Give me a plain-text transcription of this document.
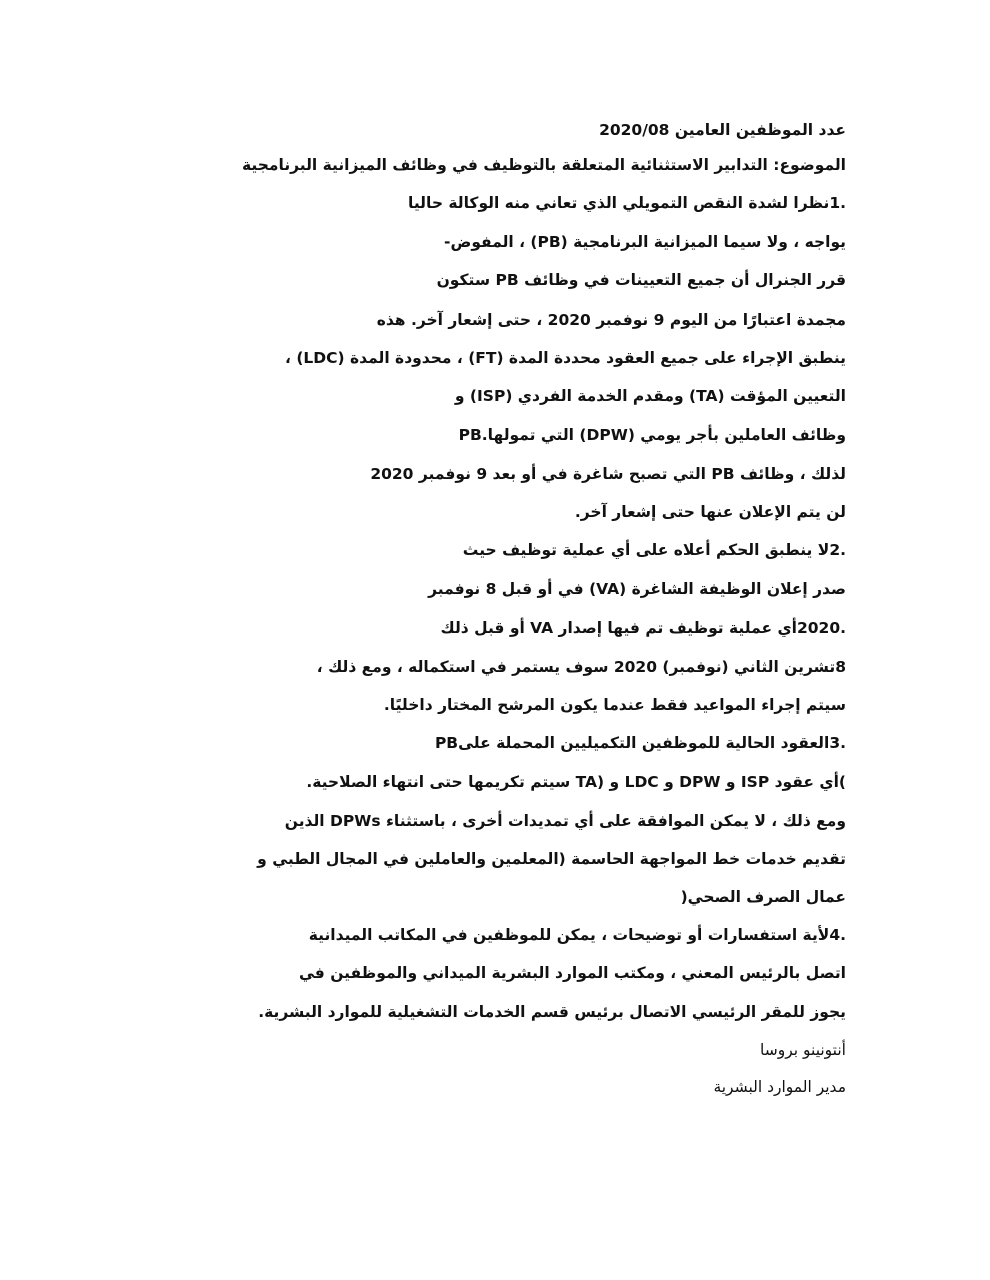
عدد الموظفين العامين 2020/08
الموضوع: التدابير الاستثنائية المتعلقة بالتوظيف في وظائف الميزانية البرنامجية
.1نظرا لشدة النقص التمويلي الذي تعاني منه الوكالة حاليا
يواجه ، ولا سيما الميزانية البرنامجية (PB) ، المفوض-
قرر الجنرال أن جميع التعيينات في وظائف PB ستكون
مجمدة اعتبارًا من اليوم 9 نوفمبر 2020 ، حتى إشعار آخر. هذه
ينطبق الإجراء على جميع العقود محددة المدة (FT) ، محدودة المدة (LDC) ،
التعيين المؤقت (TA) ومقدم الخدمة الفردي (ISP) و
وظائف العاملين بأجر يومي (DPW) التي تمولها.PB
لذلك ، وظائف PB التي تصبح شاغرة في أو بعد 9 نوفمبر 2020
لن يتم الإعلان عنها حتى إشعار آخر.
.2لا ينطبق الحكم أعلاه على أي عملية توظيف حيث
صدر إعلان الوظيفة الشاغرة (VA) في أو قبل 8 نوفمبر
.2020أي عملية توظيف تم فيها إصدار VA أو قبل ذلك
8تشرين الثاني (نوفمبر) 2020 سوف يستمر في استكماله ، ومع ذلك ،
سيتم إجراء المواعيد فقط عندما يكون المرشح المختار داخليًا.
.3العقود الحالية للموظفين التكميليين المحملة علىPB
)أي عقود ISP و DPW و LDC و (TA سيتم تكريمها حتى انتهاء الصلاحية.
ومع ذلك ، لا يمكن الموافقة على أي تمديدات أخرى ، باستثناء DPWs الذين
تقديم خدمات خط المواجهة الحاسمة (المعلمين والعاملين في المجال الطبي و
عمال الصرف الصحي(
.4لأية استفسارات أو توضيحات ، يمكن للموظفين في المكاتب الميدانية
اتصل بالرئيس المعني ، ومكتب الموارد البشرية الميداني والموظفين في
يجوز للمقر الرئيسي الاتصال برئيس قسم الخدمات التشغيلية للموارد البشرية.
أنتونينو بروسا
مدير الموارد البشرية
